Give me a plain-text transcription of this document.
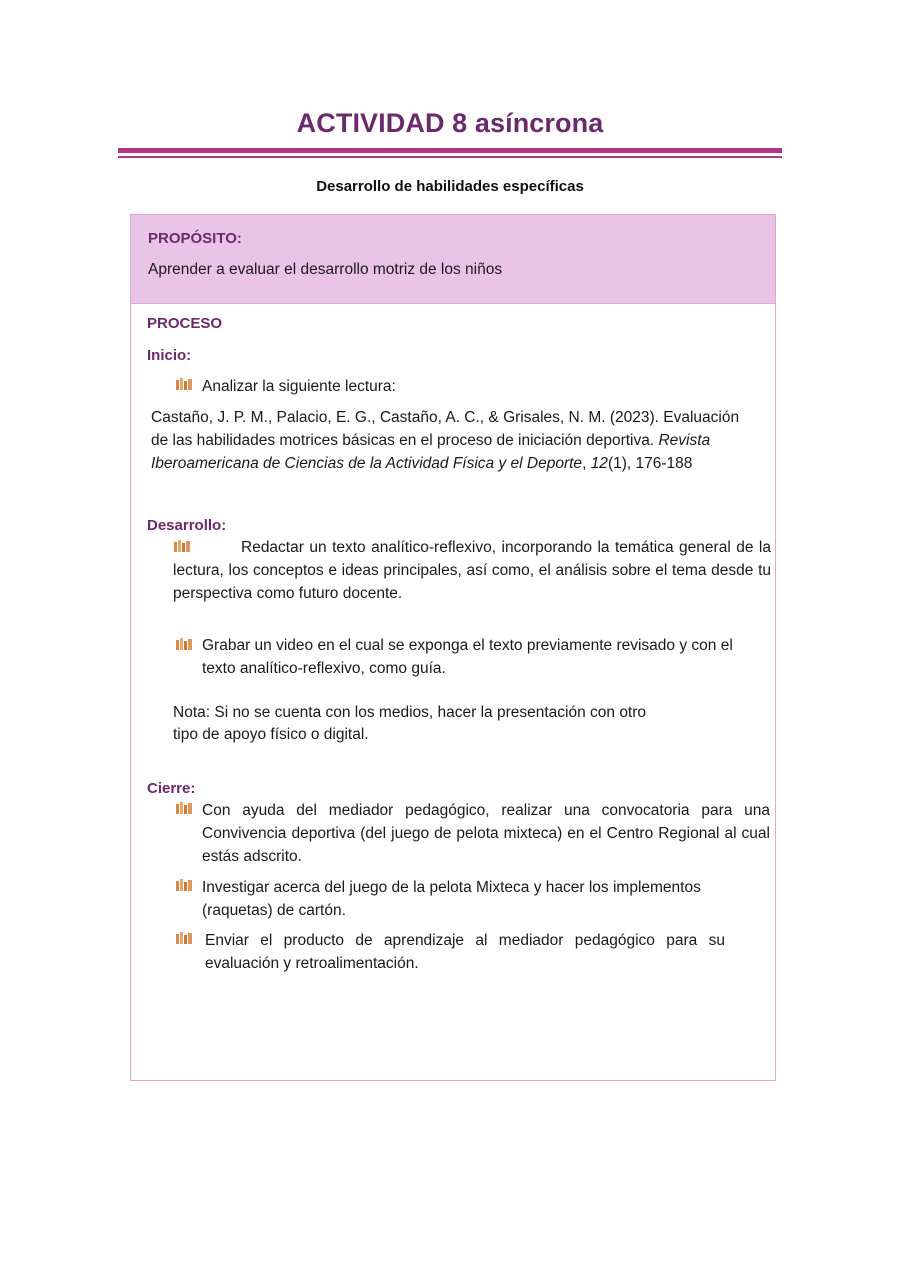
ACTIVIDAD 8 asíncrona
Desarrollo de habilidades específicas
PROPÓSITO:
Aprender a evaluar el desarrollo motriz de los niños
PROCESO
Inicio:
Analizar la siguiente lectura:
Castaño, J. P. M., Palacio, E. G., Castaño, A. C., & Grisales, N. M. (2023). Evaluación de las habilidades motrices básicas en el proceso de iniciación deportiva. Revista Iberoamericana de Ciencias de la Actividad Física y el Deporte, 12(1), 176-188
Desarrollo:
Redactar un texto analítico-reflexivo, incorporando la temática general de la lectura, los conceptos e ideas principales, así como, el análisis sobre el tema desde tu perspectiva como futuro docente.
Grabar un video en el cual se exponga el texto previamente revisado y con el texto analítico-reflexivo, como guía.
Nota: Si no se cuenta con los medios, hacer la presentación con otro
tipo de apoyo físico o digital.
Cierre:
Con ayuda del mediador pedagógico, realizar una convocatoria para una Convivencia deportiva (del juego de pelota mixteca) en el Centro Regional al cual estás adscrito.
Investigar acerca del juego de la pelota Mixteca y hacer los implementos (raquetas) de cartón.
Enviar el producto de aprendizaje al mediador pedagógico para su evaluación y retroalimentación.
